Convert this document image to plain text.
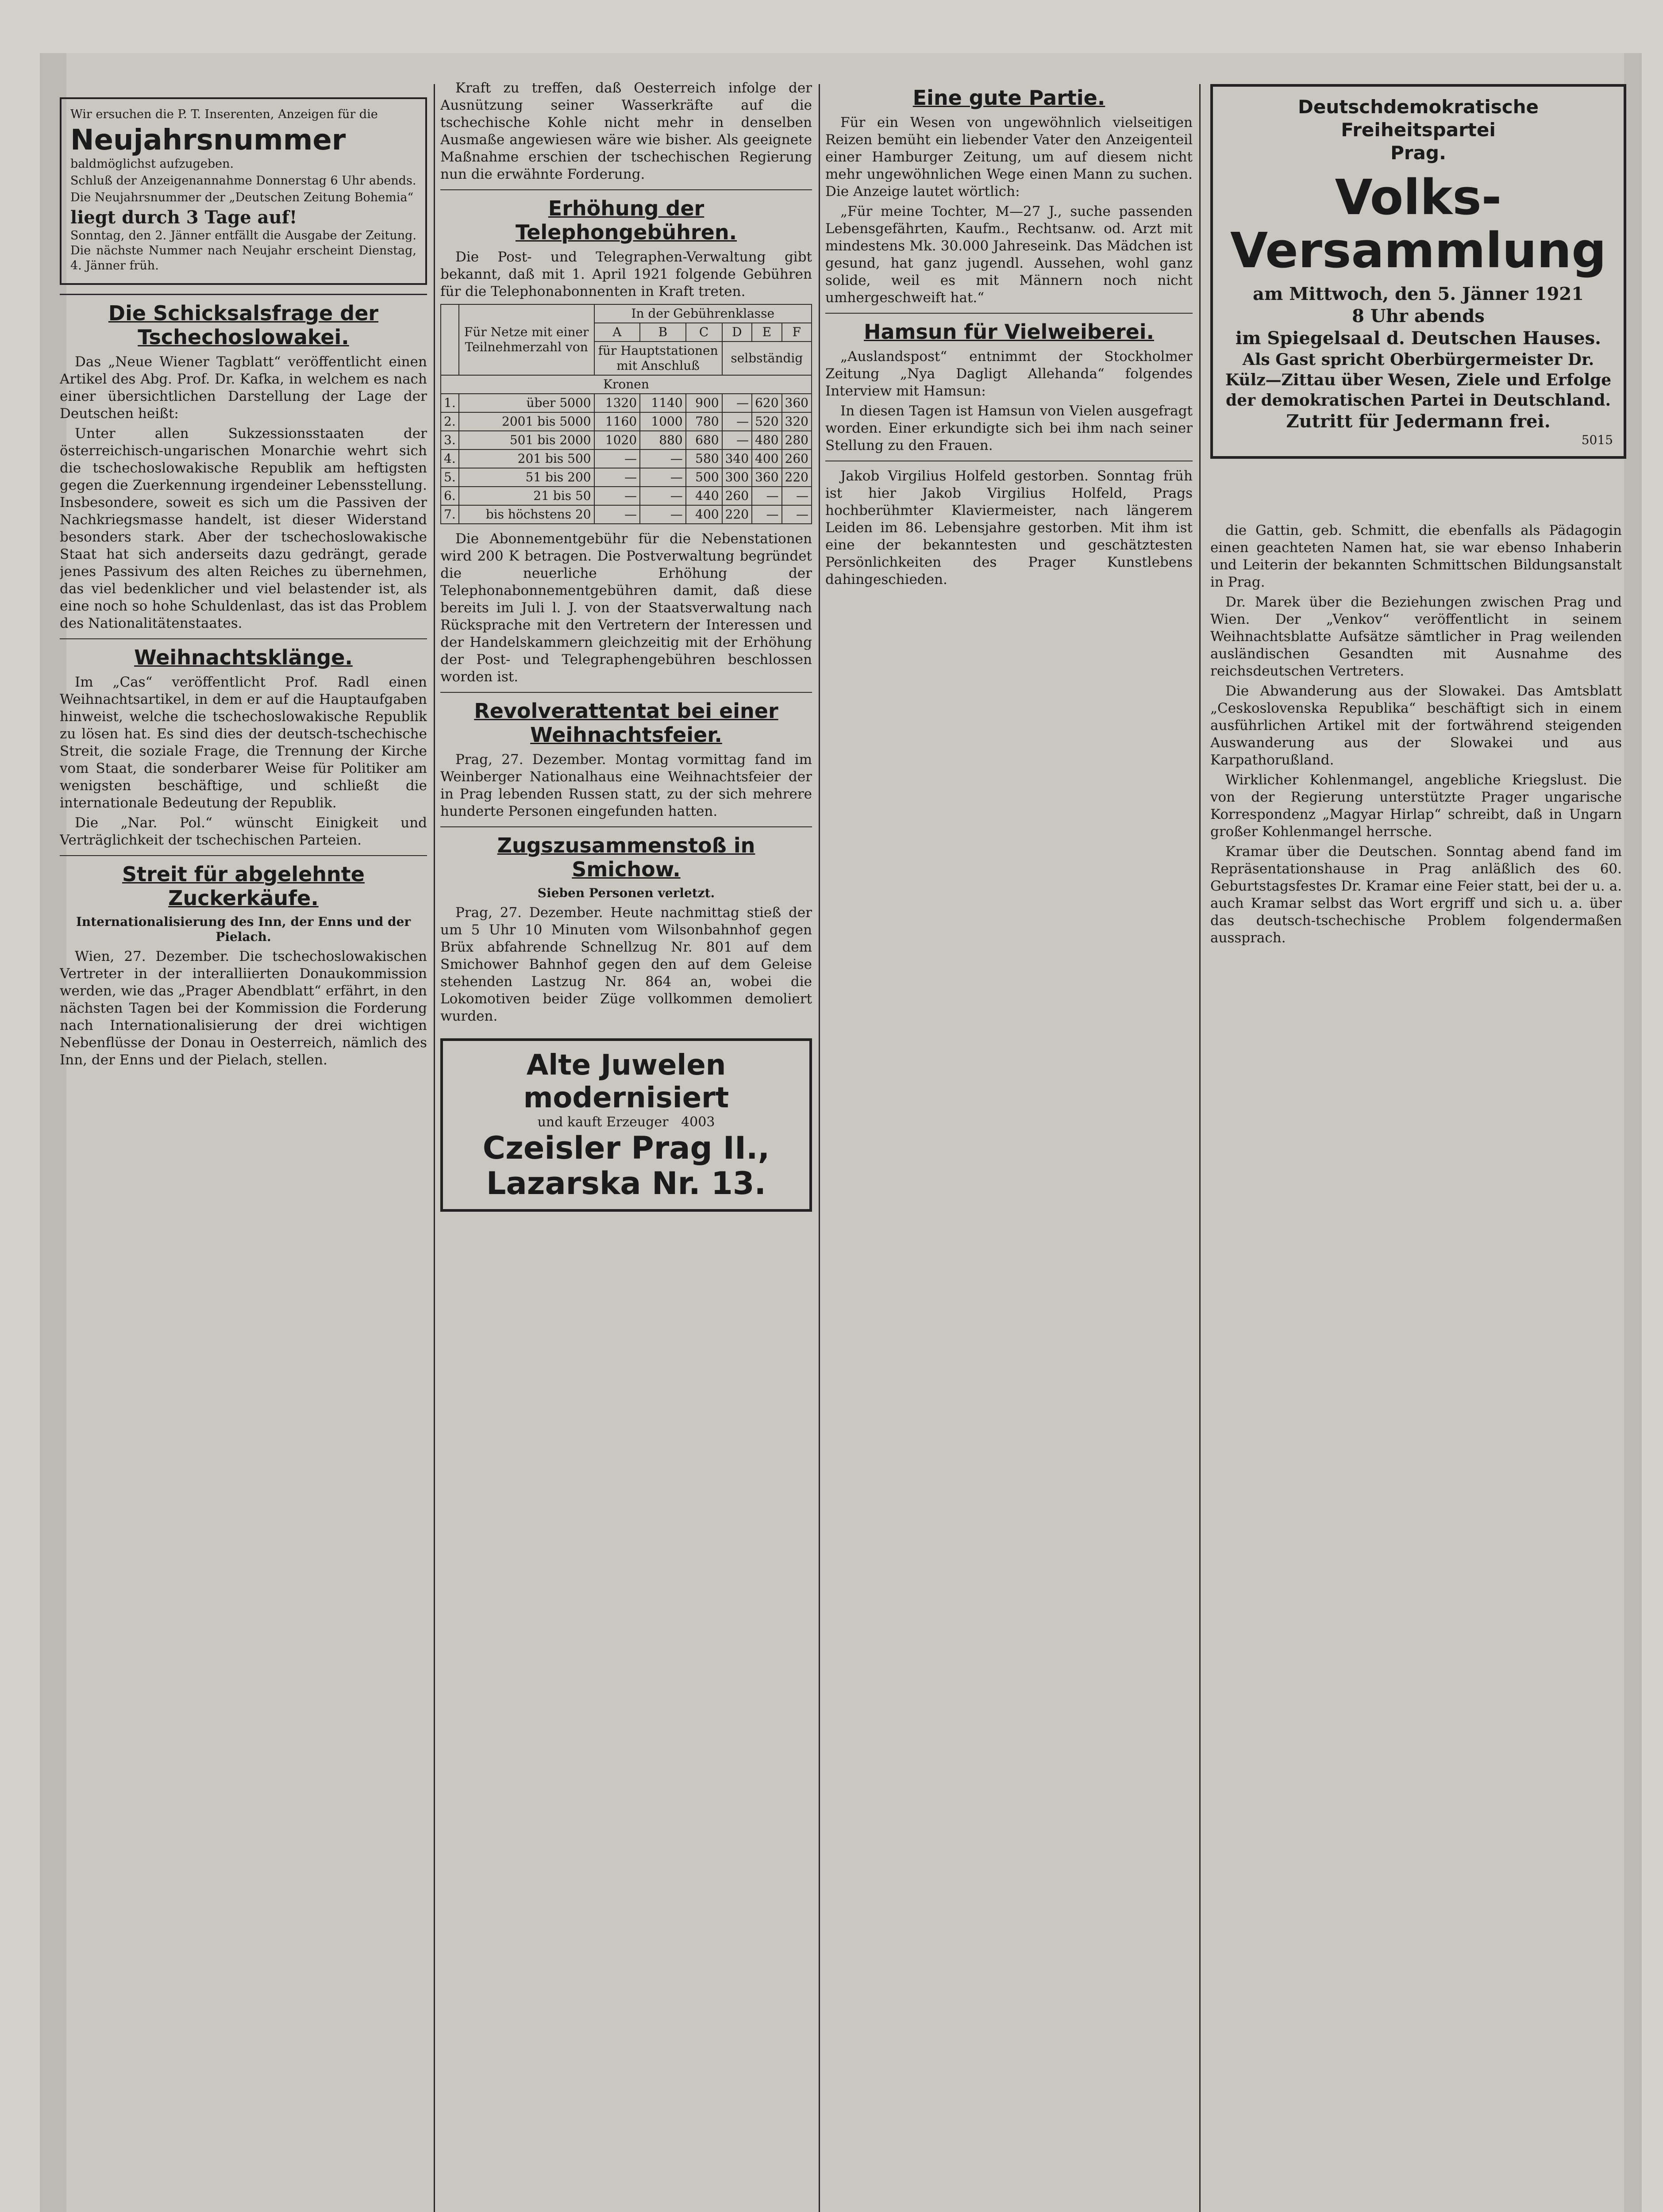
Wir ersuchen die P. T. Inserenten, Anzeigen für die

Neujahrsnummer

baldmöglichst aufzugeben.

Schluß der Anzeigenannahme Donnerstag 6 Uhr abends.

Die Neujahrsnummer der „Deutschen Zeitung Bohemia“

liegt durch 3 Tage auf!

Sonntag, den 2. Jänner entfällt die Ausgabe der Zeitung. Die nächste Nummer nach Neujahr erscheint Dienstag, 4. Jänner früh.

Die Schicksalsfrage der Tschechoslowakei.

Das „Neue Wiener Tagblatt“ veröffentlicht einen Artikel des Abg. Prof. Dr. Kafka, in welchem es nach einer übersichtlichen Darstellung der Lage der Deutschen heißt:

Unter allen Sukzessionsstaaten der österreichisch-ungarischen Monarchie wehrt sich die tschechoslowakische Republik am heftigsten gegen die Zuerkennung irgendeiner Lebensstellung. Insbesondere, soweit es sich um die Passiven der Nachkriegsmasse handelt, ist dieser Widerstand besonders stark. Aber der tschechoslowakische Staat hat sich anderseits dazu gedrängt, gerade jenes Passivum des alten Reiches zu übernehmen, das viel bedenklicher und viel belastender ist, als eine noch so hohe Schuldenlast, das ist das Problem des Nationalitätenstaates.

Weihnachtsklänge.

Im „Cas“ veröffentlicht Prof. Radl einen Weihnachtsartikel, in dem er auf die Hauptaufgaben hinweist, welche die tschechoslowakische Republik zu lösen hat. Es sind dies der deutsch-tschechische Streit, die soziale Frage, die Trennung der Kirche vom Staat, die sonderbarer Weise für Politiker am wenigsten beschäftige, und schließt die internationale Bedeutung der Republik.

Die „Nar. Pol.“ wünscht Einigkeit und Verträglichkeit der tschechischen Parteien.

Streit für abgelehnte Zuckerkäufe.
Internationalisierung des Inn, der Enns und der Pielach.

Wien, 27. Dezember. Die tschechoslowakischen Vertreter in der interalliierten Donaukommission werden, wie das „Prager Abendblatt“ erfährt, in den nächsten Tagen bei der Kommission die Forderung nach Internationalisierung der drei wichtigen Nebenflüsse der Donau in Oesterreich, nämlich des Inn, der Enns und der Pielach, stellen.

Kraft zu treffen, daß Oesterreich infolge der Ausnützung seiner Wasserkräfte auf die tschechische Kohle nicht mehr in denselben Ausmaße angewiesen wäre wie bisher. Als geeignete Maßnahme erschien der tschechischen Regierung nun die erwähnte Forderung.

Erhöhung der Telephongebühren.

Die Post- und Telegraphen-Verwaltung gibt bekannt, daß mit 1. April 1921 folgende Gebühren für die Telephonabonnenten in Kraft treten.

	Für Netze mit einer Teilnehmerzahl von	In der Gebührenklasse					
		A	B	C	D	E	F
		für Hauptstationen mit Anschluß			selbständig		
Kronen							
1.	über 5000	1320	1140	900	—	620	360
2.	2001 bis 5000	1160	1000	780	—	520	320
3.	501 bis 2000	1020	880	680	—	480	280
4.	201 bis 500	—	—	580	340	400	260
5.	51 bis 200	—	—	500	300	360	220
6.	21 bis 50	—	—	440	260	—	—
7.	bis höchstens 20	—	—	400	220	—	—

Die Abonnementgebühr für die Nebenstationen wird 200 K betragen. Die Postverwaltung begründet die neuerliche Erhöhung der Telephonabonnementgebühren damit, daß diese bereits im Juli l. J. von der Staatsverwaltung nach Rücksprache mit den Vertretern der Interessen und der Handelskammern gleichzeitig mit der Erhöhung der Post- und Telegraphengebühren beschlossen worden ist.

Revolverattentat bei einer Weihnachtsfeier.

Prag, 27. Dezember. Montag vormittag fand im Weinberger Nationalhaus eine Weihnachtsfeier der in Prag lebenden Russen statt, zu der sich mehrere hunderte Personen eingefunden hatten.

Zugszusammenstoß in Smichow.
Sieben Personen verletzt.

Prag, 27. Dezember. Heute nachmittag stieß der um 5 Uhr 10 Minuten vom Wilsonbahnhof gegen Brüx abfahrende Schnellzug Nr. 801 auf dem Smichower Bahnhof gegen den auf dem Geleise stehenden Lastzug Nr. 864 an, wobei die Lokomotiven beider Züge vollkommen demoliert wurden.

Alte Juwelen modernisiert
und kauft Erzeuger 4003
Czeisler Prag II., Lazarska Nr. 13.
Eine gute Partie.

Für ein Wesen von ungewöhnlich vielseitigen Reizen bemüht ein liebender Vater den Anzeigenteil einer Hamburger Zeitung, um auf diesem nicht mehr ungewöhnlichen Wege einen Mann zu suchen. Die Anzeige lautet wörtlich:

„Für meine Tochter, M—27 J., suche passenden Lebensgefährten, Kaufm., Rechtsanw. od. Arzt mit mindestens Mk. 30.000 Jahreseink. Das Mädchen ist gesund, hat ganz jugendl. Aussehen, wohl ganz solide, weil es mit Männern noch nicht umhergeschweift hat.“

Hamsun für Vielweiberei.

„Auslandspost“ entnimmt der Stockholmer Zeitung „Nya Dagligt Allehanda“ folgendes Interview mit Hamsun:

In diesen Tagen ist Hamsun von Vielen ausgefragt worden. Einer erkundigte sich bei ihm nach seiner Stellung zu den Frauen.

Jakob Virgilius Holfeld gestorben. Sonntag früh ist hier Jakob Virgilius Holfeld, Prags hochberühmter Klaviermeister, nach längerem Leiden im 86. Lebensjahre gestorben. Mit ihm ist eine der bekanntesten und geschätztesten Persönlichkeiten des Prager Kunstlebens dahingeschieden.

Deutschdemokratische Freiheitspartei
Prag.
Volks-Versammlung
am Mittwoch, den 5. Jänner 1921
8 Uhr abends
im Spiegelsaal d. Deutschen Hauses.
Als Gast spricht Oberbürgermeister Dr. Külz—Zittau über Wesen, Ziele und Erfolge der demokratischen Partei in Deutschland.
Zutritt für Jedermann frei.
5015

die Gattin, geb. Schmitt, die ebenfalls als Pädagogin einen geachteten Namen hat, sie war ebenso Inhaberin und Leiterin der bekannten Schmittschen Bildungsanstalt in Prag.

Dr. Marek über die Beziehungen zwischen Prag und Wien. Der „Venkov“ veröffentlicht in seinem Weihnachtsblatte Aufsätze sämtlicher in Prag weilenden ausländischen Gesandten mit Ausnahme des reichsdeutschen Vertreters.

Die Abwanderung aus der Slowakei. Das Amtsblatt „Ceskoslovenska Republika“ beschäftigt sich in einem ausführlichen Artikel mit der fortwährend steigenden Auswanderung aus der Slowakei und aus Karpathorußland.

Wirklicher Kohlenmangel, angebliche Kriegslust. Die von der Regierung unterstützte Prager ungarische Korrespondenz „Magyar Hirlap“ schreibt, daß in Ungarn großer Kohlenmangel herrsche.

Kramar über die Deutschen. Sonntag abend fand im Repräsentationshause in Prag anläßlich des 60. Geburtstagsfestes Dr. Kramar eine Feier statt, bei der u. a. auch Kramar selbst das Wort ergriff und sich u. a. über das deutsch-tschechische Problem folgendermaßen aussprach.
